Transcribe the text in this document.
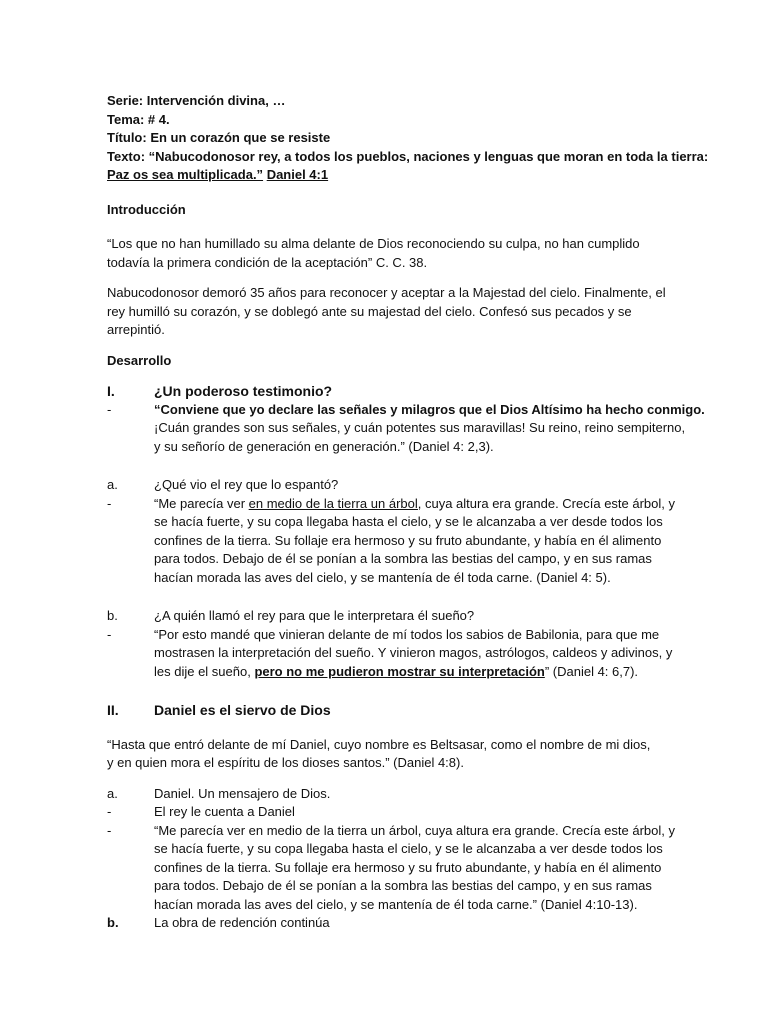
Serie: Intervención divina, …
Tema: # 4.
Título: En un corazón que se resiste
Texto: “Nabucodonosor rey, a todos los pueblos, naciones y lenguas que moran en toda la tierra:
Paz os sea multiplicada.” Daniel 4:1
Introducción
“Los que no han humillado su alma delante de Dios reconociendo su culpa, no han cumplido
todavía la primera condición de la aceptación” C. C. 38.
Nabucodonosor demoró 35 años para reconocer y aceptar a la Majestad del cielo. Finalmente, el
rey humilló su corazón, y se doblegó ante su majestad del cielo. Confesó sus pecados y se
arrepintió.
Desarrollo
I.	¿Un poderoso testimonio?
-	“Conviene que yo declare las señales y milagros que el Dios Altísimo ha hecho conmigo.
¡Cuán grandes son sus señales, y cuán potentes sus maravillas! Su reino, reino sempiterno,
y su señorío de generación en generación.” (Daniel 4: 2,3).
a.	¿Qué vio el rey que lo espantó?
-	“Me parecía ver en medio de la tierra un árbol, cuya altura era grande. Crecía este árbol, y
se hacía fuerte, y su copa llegaba hasta el cielo, y se le alcanzaba a ver desde todos los
confines de la tierra. Su follaje era hermoso y su fruto abundante, y había en él alimento
para todos. Debajo de él se ponían a la sombra las bestias del campo, y en sus ramas
hacían morada las aves del cielo, y se mantenía de él toda carne. (Daniel 4: 5).
b.	¿A quién llamó el rey para que le interpretara él sueño?
-	“Por esto mandé que vinieran delante de mí todos los sabios de Babilonia, para que me
mostrasen la interpretación del sueño. Y vinieron magos, astrólogos, caldeos y adivinos, y
les dije el sueño, pero no me pudieron mostrar su interpretación” (Daniel 4: 6,7).
II.	Daniel es el siervo de Dios
“Hasta que entró delante de mí Daniel, cuyo nombre es Beltsasar, como el nombre de mi dios,
y en quien mora el espíritu de los dioses santos.” (Daniel 4:8).
a.	Daniel. Un mensajero de Dios.
-	El rey le cuenta a Daniel
-	“Me parecía ver en medio de la tierra un árbol, cuya altura era grande. Crecía este árbol, y
se hacía fuerte, y su copa llegaba hasta el cielo, y se le alcanzaba a ver desde todos los
confines de la tierra. Su follaje era hermoso y su fruto abundante, y había en él alimento
para todos. Debajo de él se ponían a la sombra las bestias del campo, y en sus ramas
hacían morada las aves del cielo, y se mantenía de él toda carne.” (Daniel 4:10-13).
b.	La obra de redención continúa
